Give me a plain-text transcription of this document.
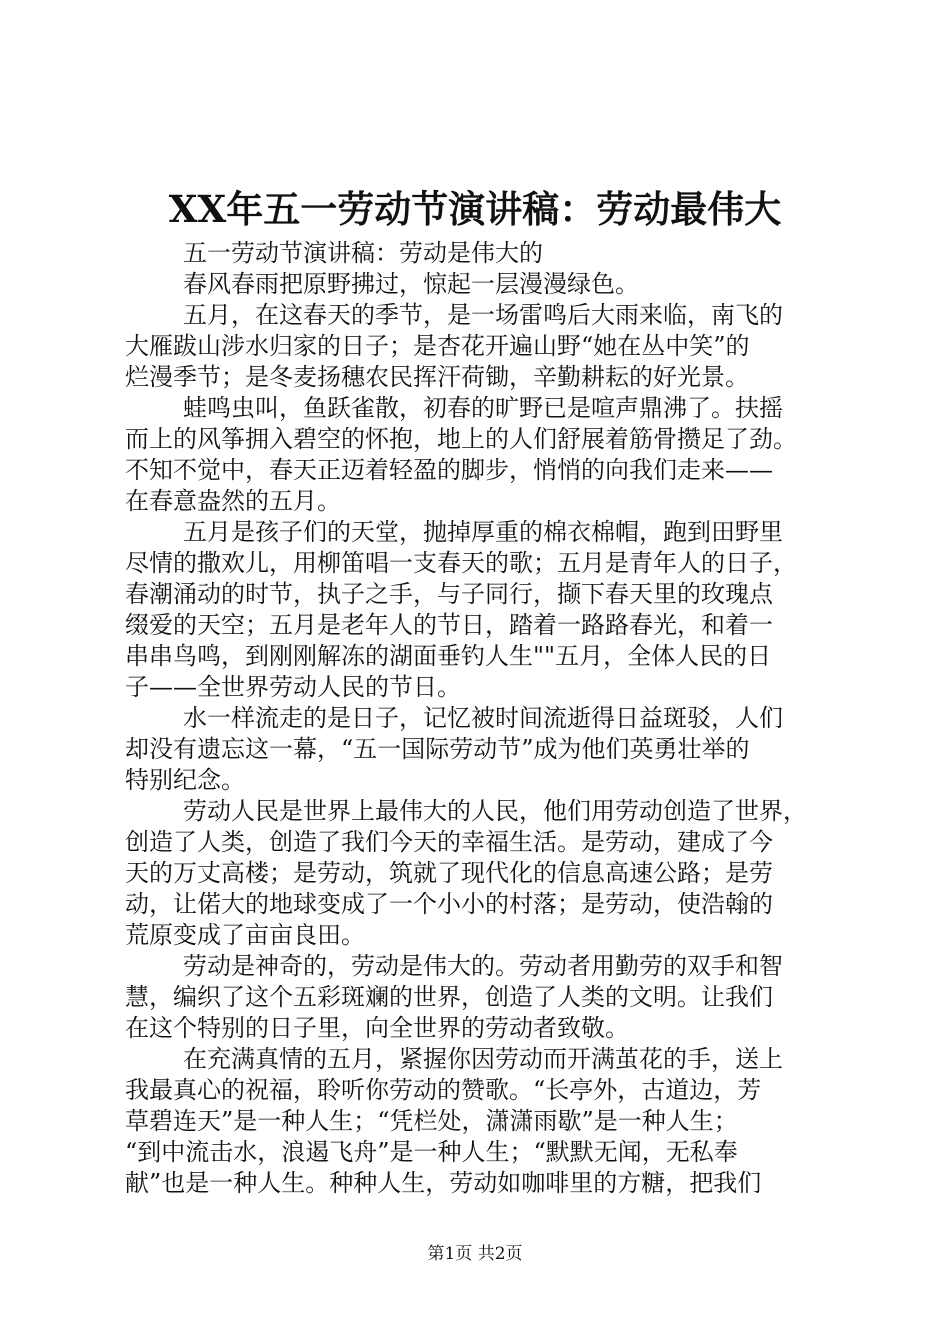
XX年五一劳动节演讲稿：劳动最伟大
五一劳动节演讲稿：劳动是伟大的
春风春雨把原野拂过，惊起一层漫漫绿色。
五月，在这春天的季节，是一场雷鸣后大雨来临，南飞的
大雁跋山涉水归家的日子；是杏花开遍山野“她在丛中笑”的
烂漫季节；是冬麦扬穗农民挥汗荷锄，辛勤耕耘的好光景。
蛙鸣虫叫，鱼跃雀散，初春的旷野已是喧声鼎沸了。扶摇
而上的风筝拥入碧空的怀抱，地上的人们舒展着筋骨攒足了劲。
不知不觉中，春天正迈着轻盈的脚步，悄悄的向我们走来——
在春意盎然的五月。
五月是孩子们的天堂，抛掉厚重的棉衣棉帽，跑到田野里
尽情的撒欢儿，用柳笛唱一支春天的歌；五月是青年人的日子，
春潮涌动的时节，执子之手，与子同行，撷下春天里的玫瑰点
缀爱的天空；五月是老年人的节日，踏着一路路春光，和着一
串串鸟鸣，到刚刚解冻的湖面垂钓人生""五月，全体人民的日
子——全世界劳动人民的节日。
水一样流走的是日子，记忆被时间流逝得日益斑驳，人们
却没有遗忘这一幕，“五一国际劳动节”成为他们英勇壮举的
特别纪念。
劳动人民是世界上最伟大的人民，他们用劳动创造了世界，
创造了人类，创造了我们今天的幸福生活。是劳动，建成了今
天的万丈高楼；是劳动，筑就了现代化的信息高速公路；是劳
动，让偌大的地球变成了一个小小的村落；是劳动，使浩翰的
荒原变成了亩亩良田。
劳动是神奇的，劳动是伟大的。劳动者用勤劳的双手和智
慧，编织了这个五彩斑斓的世界，创造了人类的文明。让我们
在这个特别的日子里，向全世界的劳动者致敬。
在充满真情的五月，紧握你因劳动而开满茧花的手，送上
我最真心的祝福，聆听你劳动的赞歌。“长亭外，古道边，芳
草碧连天”是一种人生；“凭栏处，潇潇雨歇”是一种人生；
“到中流击水，浪遏飞舟”是一种人生；“默默无闻，无私奉
献”也是一种人生。种种人生，劳动如咖啡里的方糖，把我们
第1页 共2页
